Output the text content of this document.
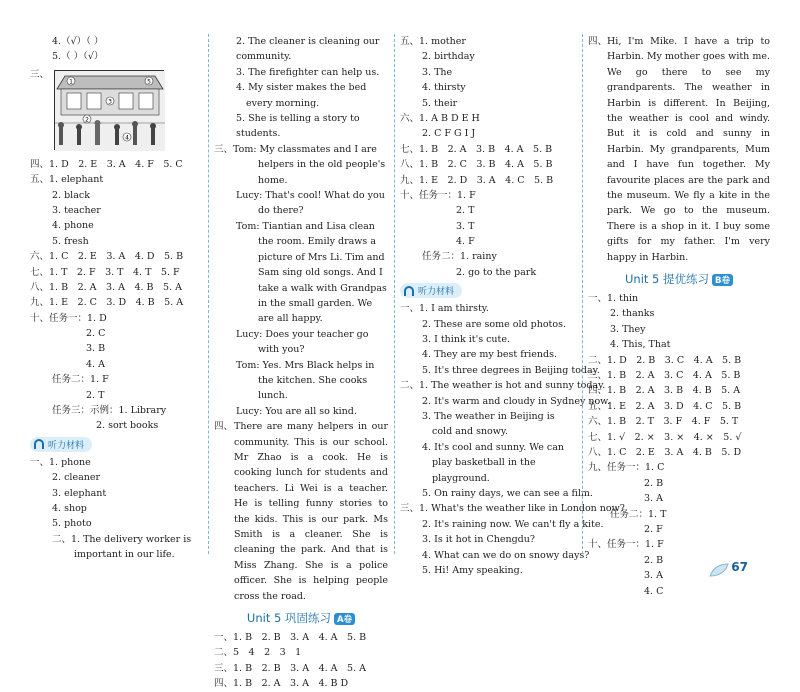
4.（√）（ ）
5.（ ）（√）
三、
四、1. D　2. E　3. A　4. F　5. C
五、1. elephant
2. black
3. teacher
4. phone
5. fresh
六、1. C　2. E　3. A　4. D　5. B
七、1. T　2. F　3. T　4. T　5. F
八、1. B　2. A　3. A　4. B　5. A
九、1. E　2. C　3. D　4. B　5. A
十、任务一：1. D
2. C
3. B
4. A
任务二：1. F
2. T
任务三：示例：1. Library
2. sort books
听力材料
一、1. phone
2. cleaner
3. elephant
4. shop
5. photo
二、1. The delivery worker is important in our life.
1
2
3
4
5
2. The cleaner is cleaning our community.
3. The firefighter can help us.
4. My sister makes the bed every morning.
5. She is telling a story to students.
三、Tom: My classmates and I are helpers in the old people's home.
Lucy: That's cool! What do you do there?
Tom: Tiantian and Lisa clean the room. Emily draws a picture of Mrs Li. Tim and Sam sing old songs. And I take a walk with Grandpas in the small garden. We are all happy.
Lucy: Does your teacher go with you?
Tom: Yes. Mrs Black helps in the kitchen. She cooks lunch.
Lucy: You are all so kind.
四、 There are many helpers in our community. This is our school. Mr Zhao is a cook. He is cooking lunch for students and teachers. Li Wei is a teacher. He is telling funny stories to the kids. This is our park. Ms Smith is a cleaner. She is cleaning the park. And that is Miss Zhang. She is a police officer. She is helping people cross the road.
Unit 5 巩固练习 A卷
一、1. B　2. B　3. A　4. A　5. B
二、5　4　2　3　1
三、1. B　2. B　3. A　4. A　5. A
四、1. B　2. A　3. A　4. B D
五、1. mother
2. birthday
3. The
4. thirsty
5. their
六、1. A B D E H
2. C F G I J
七、1. B　2. A　3. B　4. A　5. B
八、1. B　2. C　3. B　4. A　5. B
九、1. E　2. D　3. A　4. C　5. B
十、任务一：1. F
2. T
3. T
4. F
任务二：1. rainy
2. go to the park
听力材料
一、1. I am thirsty.
2. These are some old photos.
3. I think it's cute.
4. They are my best friends.
5. It's three degrees in Beijing today.
二、1. The weather is hot and sunny today.
2. It's warm and cloudy in Sydney now.
3. The weather in Beijing is cold and snowy.
4. It's cool and sunny. We can play basketball in the playground.
5. On rainy days, we can see a film.
三、1. What's the weather like in London now?
2. It's raining now. We can't fly a kite.
3. Is it hot in Chengdu?
4. What can we do on snowy days?
5. Hi! Amy speaking.
四、 Hi, I'm Mike. I have a trip to Harbin. My mother goes with me. We go there to see my grandparents. The weather in Harbin is different. In Beijing, the weather is cool and windy. But it is cold and sunny in Harbin. My grandparents, Mum and I have fun together. My favourite places are the park and the museum. We fly a kite in the park. We go to the museum. There is a shop in it. I buy some gifts for my father. I'm very happy in Harbin.
Unit 5 提优练习 B卷
一、1. thin
2. thanks
3. They
4. This, That
二、1. D　2. B　3. C　4. A　5. B
三、1. B　2. A　3. C　4. A　5. B
四、1. B　2. A　3. B　4. B　5. A
五、1. E　2. A　3. D　4. C　5. B
六、1. B　2. T　3. F　4. F　5. T
七、1. √　2. ×　3. ×　4. ×　5. √
八、1. C　2. E　3. A　4. B　5. D
九、任务一：1. C
2. B
3. A
任务二：1. T
2. F
十、任务一：1. F
2. B
3. A
4. C
67
